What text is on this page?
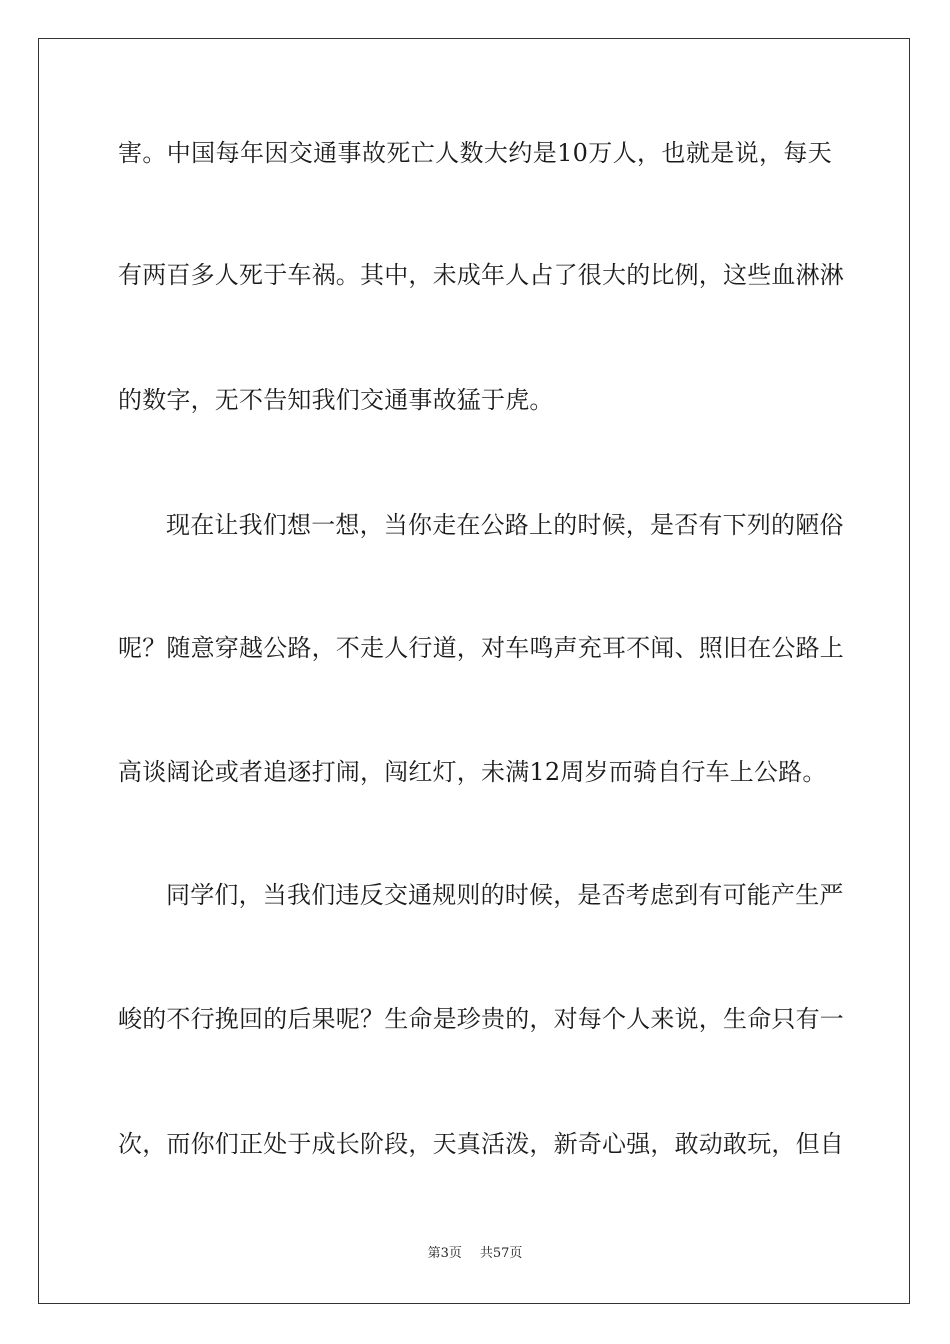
害。中国每年因交通事故死亡人数大约是10万人，也就是说，每天
有两百多人死于车祸。其中，未成年人占了很大的比例，这些血淋淋
的数字，无不告知我们交通事故猛于虎。
现在让我们想一想，当你走在公路上的时候，是否有下列的陋俗
呢？随意穿越公路，不走人行道，对车鸣声充耳不闻、照旧在公路上
高谈阔论或者追逐打闹，闯红灯，未满12周岁而骑自行车上公路。
同学们，当我们违反交通规则的时候，是否考虑到有可能产生严
峻的不行挽回的后果呢？生命是珍贵的，对每个人来说，生命只有一
次，而你们正处于成长阶段，天真活泼，新奇心强，敢动敢玩，但自
第3页 共57页
